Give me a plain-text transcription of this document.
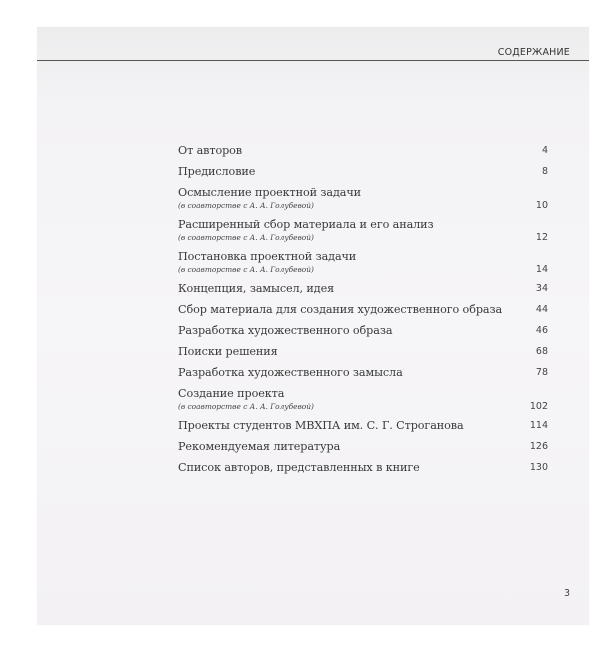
СОДЕРЖАНИЕ
От авторов	4
Предисловие	8
Осмысление проектной задачи
(в соавторстве с А. А. Голубевой)	10
Расширенный сбор материала и его анализ
(в соавторстве с А. А. Голубевой)	12
Постановка проектной задачи
(в соавторстве с А. А. Голубевой)	14
Концепция, замысел, идея	34
Сбор материала для создания художественного образа	44
Разработка художественного образа	46
Поиски решения	68
Разработка художественного замысла	78
Создание проекта
(в соавторстве с А. А. Голубевой)	102
Проекты студентов МВХПА им. С. Г. Строганова	114
Рекомендуемая литература	126
Список авторов, представленных в книге	130
3
